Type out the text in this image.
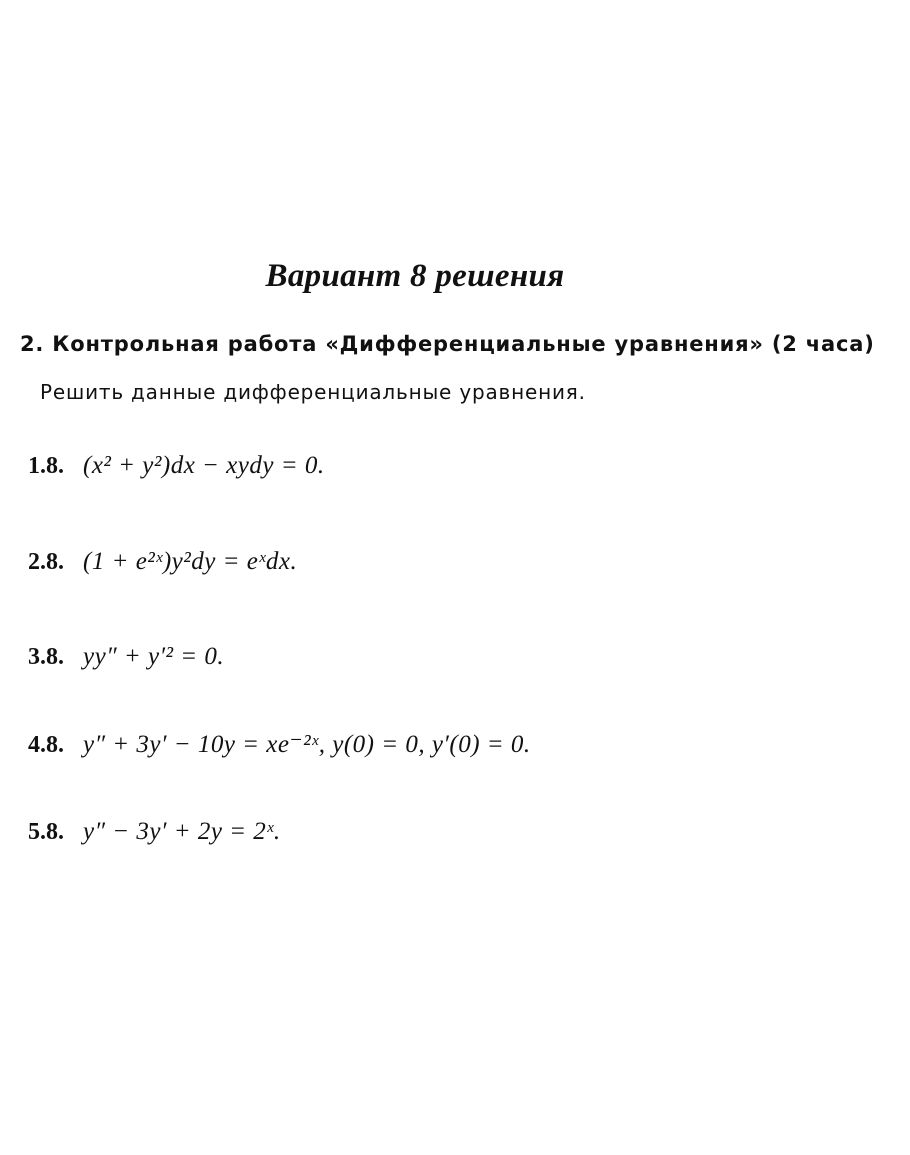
Вариант 8 решения
2. Контрольная работа «Дифференциальные уравнения» (2 часа)
Решить данные дифференциальные уравнения.
1.8. (x² + y²)dx − xydy = 0.
2.8. (1 + e²ˣ)y²dy = eˣdx.
3.8. yy″ + y′² = 0.
4.8. y″ + 3y′ − 10y = xe⁻²ˣ, y(0) = 0, y′(0) = 0.
5.8. y″ − 3y′ + 2y = 2ˣ.
